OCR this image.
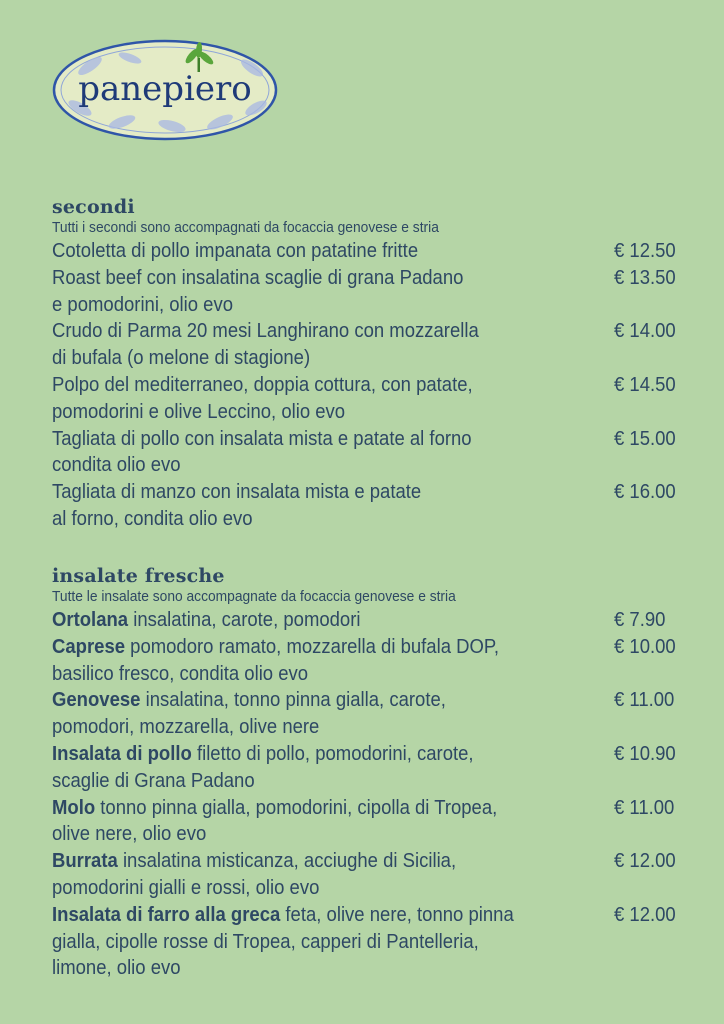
panepiero
secondi
Tutti i secondi sono accompagnati da focaccia genovese e stria
Cotoletta di pollo impanata con patatine fritte	€ 12.50
Roast beef con insalatina scaglie di grana Padano
e pomodorini, olio evo
€ 13.50
Crudo di Parma 20 mesi Langhirano con mozzarella
di bufala (o melone di stagione)
€ 14.00
Polpo del mediterraneo, doppia cottura, con patate,
pomodorini e olive Leccino, olio evo
€ 14.50
Tagliata di pollo con insalata mista e patate al forno
condita olio evo
€ 15.00
Tagliata di manzo con insalata mista e patate
al forno, condita olio evo
€ 16.00
insalate fresche
Tutte le insalate sono accompagnate da focaccia genovese e stria
Ortolana insalatina, carote, pomodori	€ 7.90
Caprese pomodoro ramato, mozzarella di bufala DOP,
basilico fresco, condita olio evo
€ 10.00
Genovese insalatina, tonno pinna gialla, carote,
pomodori, mozzarella, olive nere
€ 11.00
Insalata di pollo filetto di pollo, pomodorini, carote,
scaglie di Grana Padano
€ 10.90
Molo tonno pinna gialla, pomodorini, cipolla di Tropea,
olive nere, olio evo
€ 11.00
Burrata insalatina misticanza, acciughe di Sicilia,
pomodorini gialli e rossi, olio evo
€ 12.00
Insalata di farro alla greca feta, olive nere, tonno pinna
gialla, cipolle rosse di Tropea, capperi di Pantelleria,
limone, olio evo
€ 12.00
